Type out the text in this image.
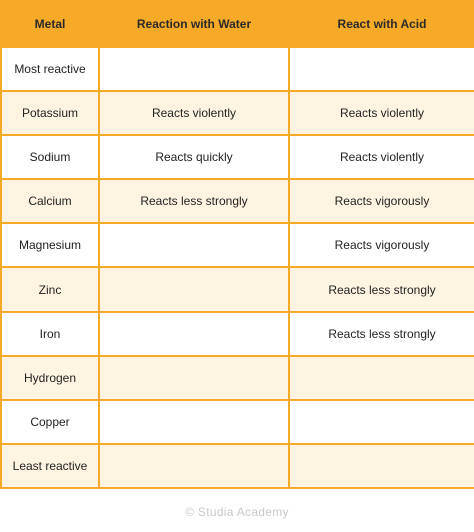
Metal	Reaction with Water	React with Acid
Most reactive		
Potassium	Reacts violently	Reacts violently
Sodium	Reacts quickly	Reacts violently
Calcium	Reacts less strongly	Reacts vigorously
Magnesium		Reacts vigorously
Zinc		Reacts less strongly
Iron		Reacts less strongly
Hydrogen		
Copper		
Least reactive		
© Studia Academy
